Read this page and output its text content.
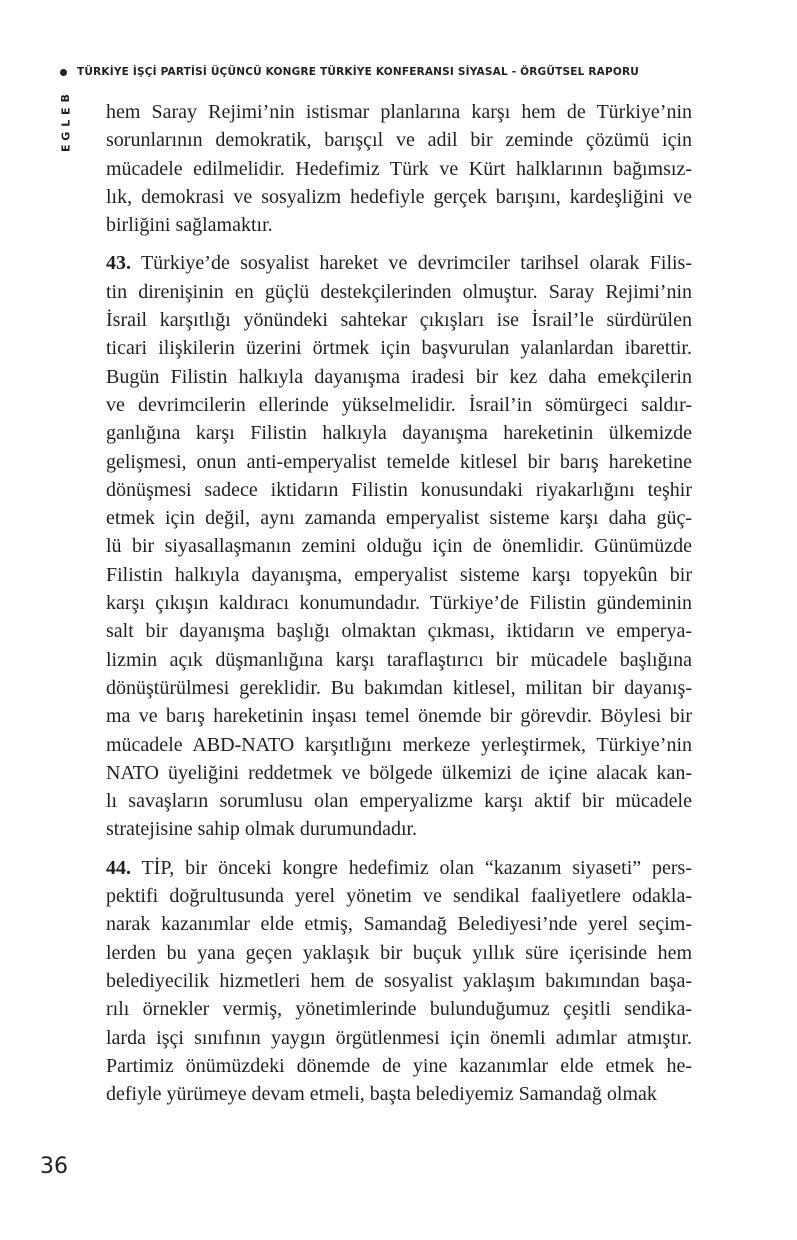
TÜRKİYE İŞÇİ PARTİSİ ÜÇÜNCÜ KONGRE TÜRKİYE KONFERANSI SİYASAL - ÖRGÜTSEL RAPORU
B
E
L
G
E

hem Saray Rejimi’nin istismar planlarına karşı hem de Türkiye’nin
sorunlarının demokratik, barışçıl ve adil bir zeminde çözümü için
mücadele edilmelidir. Hedefimiz Türk ve Kürt halklarının bağımsız-
lık, demokrasi ve sosyalizm hedefiyle gerçek barışını, kardeşliğini ve
birliğini sağlamaktır.

43. Türkiye’de sosyalist hareket ve devrimciler tarihsel olarak Filis-
tin direnişinin en güçlü destekçilerinden olmuştur. Saray Rejimi’nin
İsrail karşıtlığı yönündeki sahtekar çıkışları ise İsrail’le sürdürülen
ticari ilişkilerin üzerini örtmek için başvurulan yalanlardan ibarettir.
Bugün Filistin halkıyla dayanışma iradesi bir kez daha emekçilerin
ve devrimcilerin ellerinde yükselmelidir. İsrail’in sömürgeci saldır-
ganlığına karşı Filistin halkıyla dayanışma hareketinin ülkemizde
gelişmesi, onun anti-emperyalist temelde kitlesel bir barış hareketine
dönüşmesi sadece iktidarın Filistin konusundaki riyakarlığını teşhir
etmek için değil, aynı zamanda emperyalist sisteme karşı daha güç-
lü bir siyasallaşmanın zemini olduğu için de önemlidir. Günümüzde
Filistin halkıyla dayanışma, emperyalist sisteme karşı topyekûn bir
karşı çıkışın kaldıracı konumundadır. Türkiye’de Filistin gündeminin
salt bir dayanışma başlığı olmaktan çıkması, iktidarın ve emperya-
lizmin açık düşmanlığına karşı taraflaştırıcı bir mücadele başlığına
dönüştürülmesi gereklidir. Bu bakımdan kitlesel, militan bir dayanış-
ma ve barış hareketinin inşası temel önemde bir görevdir. Böylesi bir
mücadele ABD-NATO karşıtlığını merkeze yerleştirmek, Türkiye’nin
NATO üyeliğini reddetmek ve bölgede ülkemizi de içine alacak kan-
lı savaşların sorumlusu olan emperyalizme karşı aktif bir mücadele
stratejisine sahip olmak durumundadır.

44. TİP, bir önceki kongre hedefimiz olan “kazanım siyaseti” pers-
pektifi doğrultusunda yerel yönetim ve sendikal faaliyetlere odakla-
narak kazanımlar elde etmiş, Samandağ Belediyesi’nde yerel seçim-
lerden bu yana geçen yaklaşık bir buçuk yıllık süre içerisinde hem
belediyecilik hizmetleri hem de sosyalist yaklaşım bakımından başa-
rılı örnekler vermiş, yönetimlerinde bulunduğumuz çeşitli sendika-
larda işçi sınıfının yaygın örgütlenmesi için önemli adımlar atmıştır.
Partimiz önümüzdeki dönemde de yine kazanımlar elde etmek he-
defiyle yürümeye devam etmeli, başta belediyemiz Samandağ olmak

36
